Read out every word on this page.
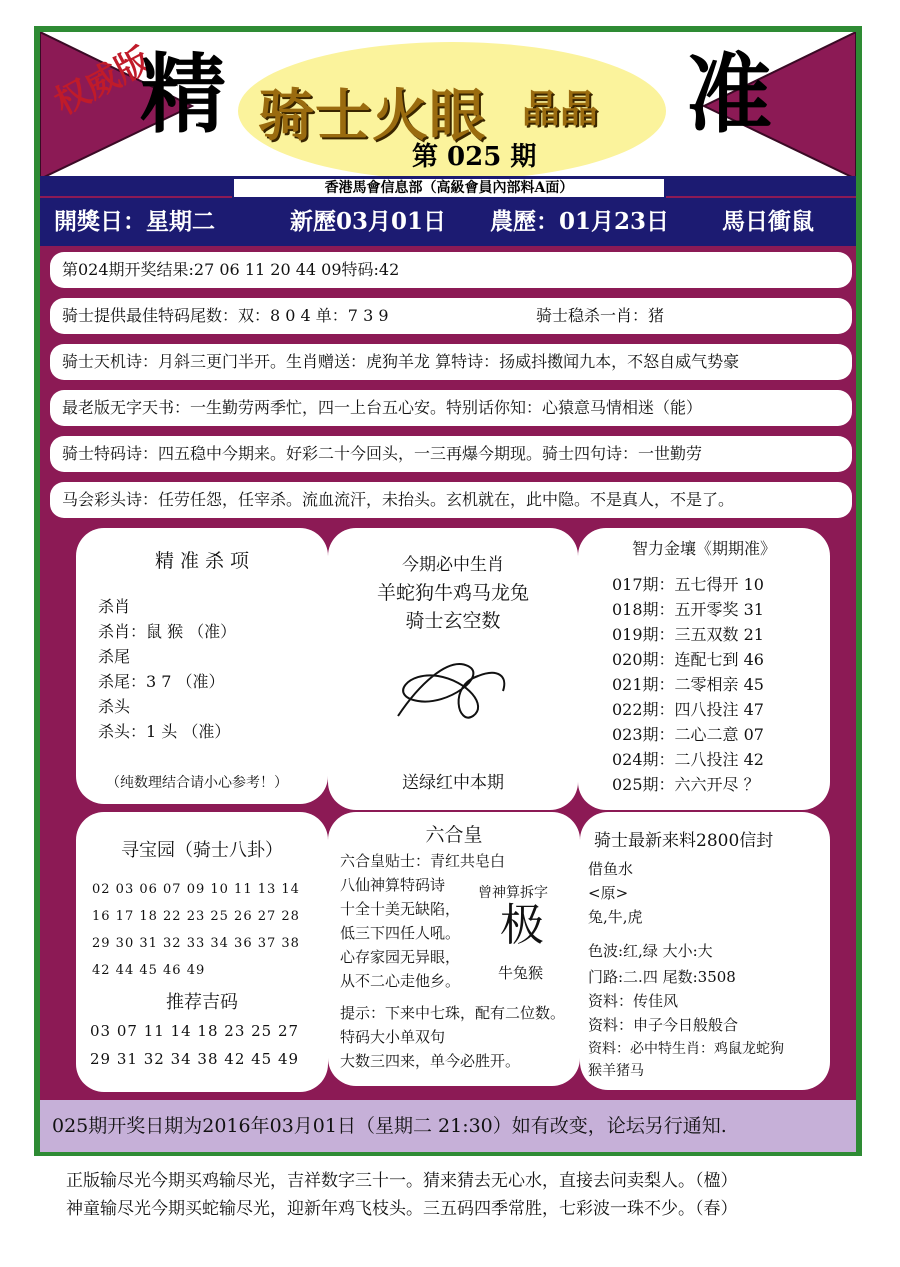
权威版
精 骑士火眼 晶晶
第 025 期
准
香港馬會信息部（高級會員內部料A面）
開獎日：星期二	新歷03月01日 農歷：01月23日 馬日衝鼠
第024期开奖结果:27 06 11 20 44 09特码:42
骑士提供最佳特码尾数：双：8 0 4 单：7 3 9	骑士稳杀一肖：猪
骑士天机诗：月斜三更门半开。生肖赠送：虎狗羊龙 算特诗：扬威抖擞闻九本，不怒自威气势豪
最老版无字天书：一生勤劳两季忙，四一上台五心安。特别话你知：心猿意马情相迷（能）
骑士特码诗：四五稳中今期来。好彩二十今回头，一三再爆今期现。骑士四句诗：一世勤劳
马会彩头诗：任劳任怨，任宰杀。流血流汗，未抬头。玄机就在，此中隐。不是真人，不是了。
精 准 杀 项
杀肖
杀肖：鼠 猴 （准）
杀尾
杀尾：3 7 （准）
杀头
杀头：1 头 （准）
（纯数理结合请小心参考！）
今期必中生肖
羊蛇狗牛鸡马龙兔
骑士玄空数
送绿红中本期
智力金壤《期期准》
017期：五七得开 10
018期：五开零奖 31
019期：三五双数 21
020期：连配七到 46
021期：二零相亲 45
022期：四八投注 47
023期：二心二意 07
024期：二八投注 42
025期：六六开尽 ？
寻宝园（骑士八卦）
02 03 06 07 09 10 11 13 14
16 17 18 22 23 25 26 27 28
29 30 31 32 33 34 36 37 38
42 44 45 46 49
推荐吉码
03 07 11 14 18 23 25 27
29 31 32 34 38 42 45 49
六合皇
六合皇贴士：青红共皂白
八仙神算特码诗
十全十美无缺陷，
低三下四任人吼。
心存家园无异眼，
从不二心走他乡。
曾神算拆字
极
牛兔猴
提示：下来中七珠，配有二位数。
特码大小单双句
大数三四来，单今必胜开。
骑士最新来料2800信封
借鱼水
<原>
兔,牛,虎
色波:红,绿 大小:大
门路:二.四 尾数:3508
资料：传佳风
资料：申子今日般般合
资料：必中特生肖：鸡鼠龙蛇狗
猴羊猪马
025期开奖日期为2016年03月01日（星期二 21:30）如有改变，论坛另行通知.
正版输尽光今期买鸡输尽光，吉祥数字三十一。猜来猜去无心水，直接去问卖梨人。（楹）
神童输尽光今期买蛇输尽光，迎新年鸡飞枝头。三五码四季常胜，七彩波一珠不少。（春）
